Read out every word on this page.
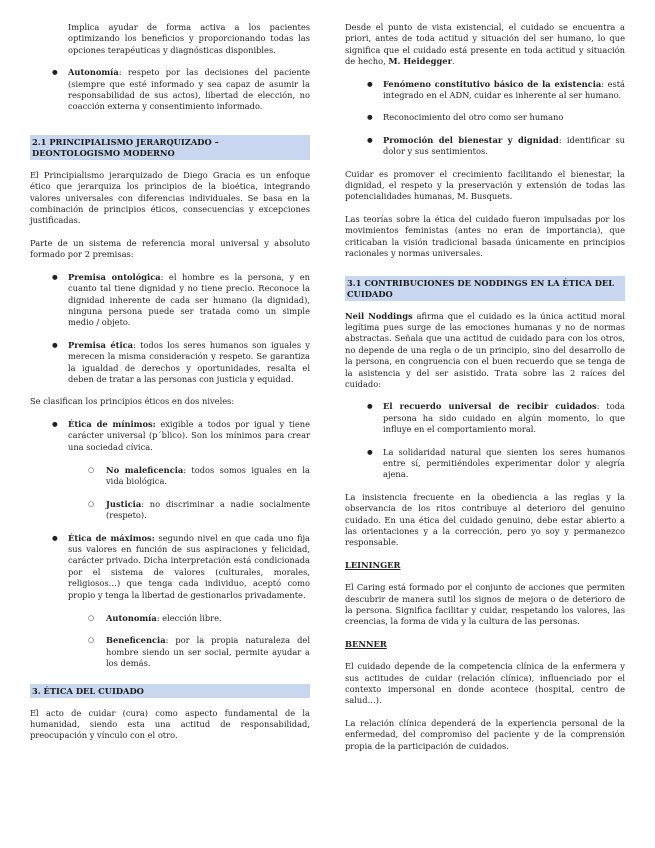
Implica ayudar de forma activa a los pacientes optimizando los beneficios y proporcionando todas las opciones terapéuticas y diagnósticas disponibles.

● Autonomía: respeto por las decisiones del paciente (siempre que esté informado y sea capaz de asumir la responsabilidad de sus actos), libertad de elección, no coacción externa y consentimiento informado.
2.1 PRINCIPIALISMO JERARQUIZADO – DEONTOLOGISMO MODERNO

El Principialismo jerarquizado de Diego Gracia es un enfoque ético que jerarquiza los principios de la bioética, integrando valores universales con diferencias individuales. Se basa en la combinación de principios éticos, consecuencias y excepciones justificadas.

Parte de un sistema de referencia moral universal y absoluto formado por 2 premisas:

● Premisa ontológica: el hombre es la persona, y en cuanto tal tiene dignidad y no tiene precio. Reconoce la dignidad inherente de cada ser humano (la dignidad), ninguna persona puede ser tratada como un simple medio / objeto.
● Premisa ética: todos los seres humanos son iguales y merecen la misma consideración y respeto. Se garantiza la igualdad de derechos y oportunidades, resalta el deben de tratar a las personas con justicia y equidad.

Se clasifican los principios éticos en dos niveles:

● Ética de mínimos: exigible a todos por igual y tiene carácter universal (p´blico). Son los mínimos para crear una sociedad cívica.
○ No maleficencia: todos somos iguales en la vida biológica.
○ Justicia: no discriminar a nadie socialmente (respeto).
● Ética de máximos: segundo nivel en que cada uno fija sus valores en función de sus aspiraciones y felicidad, carácter privado. Dicha interpretación está condicionada por el sistema de valores (culturales, morales, religiosos…) que tenga cada individuo, aceptó como propio y tenga la libertad de gestionarlos privadamente.
○ Autonomía: elección libre.
○ Beneficencia: por la propia naturaleza del hombre siendo un ser social, permite ayudar a los demás.
3. ÉTICA DEL CUIDADO

El acto de cuidar (cura) como aspecto fundamental de la humanidad, siendo esta una actitud de responsabilidad, preocupación y vínculo con el otro.

Desde el punto de vista existencial, el cuidado se encuentra a priori, antes de toda actitud y situación del ser humano, lo que significa que el cuidado está presente en toda actitud y situación de hecho, M. Heidegger.

● Fenómeno constitutivo básico de la existencia: está integrado en el ADN, cuidar es inherente al ser humano.
● Reconocimiento del otro como ser humano
● Promoción del bienestar y dignidad: identificar su dolor y sus sentimientos.

Cuidar es promover el crecimiento facilitando el bienestar, la dignidad, el respeto y la preservación y extensión de todas las potencialidades humanas, M. Busquets.

Las teorías sobre la ética del cuidado fueron impulsadas por los movimientos feministas (antes no eran de importancia), que criticaban la visión tradicional basada únicamente en principios racionales y normas universales.

3.1 CONTRIBUCIONES DE NODDINGS EN LA ÉTICA DEL CUIDADO

Neil Noddings afirma que el cuidado es la única actitud moral legítima pues surge de las emociones humanas y no de normas abstractas. Señala que una actitud de cuidado para con los otros, no depende de una regla o de un principio, sino del desarrollo de la persona, en congruencia con el buen recuerdo que se tenga de la asistencia y del ser asistido. Trata sobre las 2 raíces del cuidado:

● El recuerdo universal de recibir cuidados: toda persona ha sido cuidado en algún momento, lo que influye en el comportamiento moral.
● La solidaridad natural que sienten los seres humanos entre sí, permitiéndoles experimentar dolor y alegría ajena.

La insistencia frecuente en la obediencia a las reglas y la observancia de los ritos contribuye al deterioro del genuino cuidado. En una ética del cuidado genuino, debe estar abierto a las orientaciones y a la corrección, pero yo soy y permanezco responsable.

LEININGER

El Caring está formado por el conjunto de acciones que permiten descubrir de manera sutil los signos de mejora o de deterioro de la persona. Significa facilitar y cuidar, respetando los valores, las creencias, la forma de vida y la cultura de las personas.

BENNER

El cuidado depende de la competencia clínica de la enfermera y sus actitudes de cuidar (relación clínica), influenciado por el contexto impersonal en donde acontece (hospital, centro de salud…).

La relación clínica dependerá de la experiencia personal de la enfermedad, del compromiso del paciente y de la comprensión propia de la participación de cuidados.
